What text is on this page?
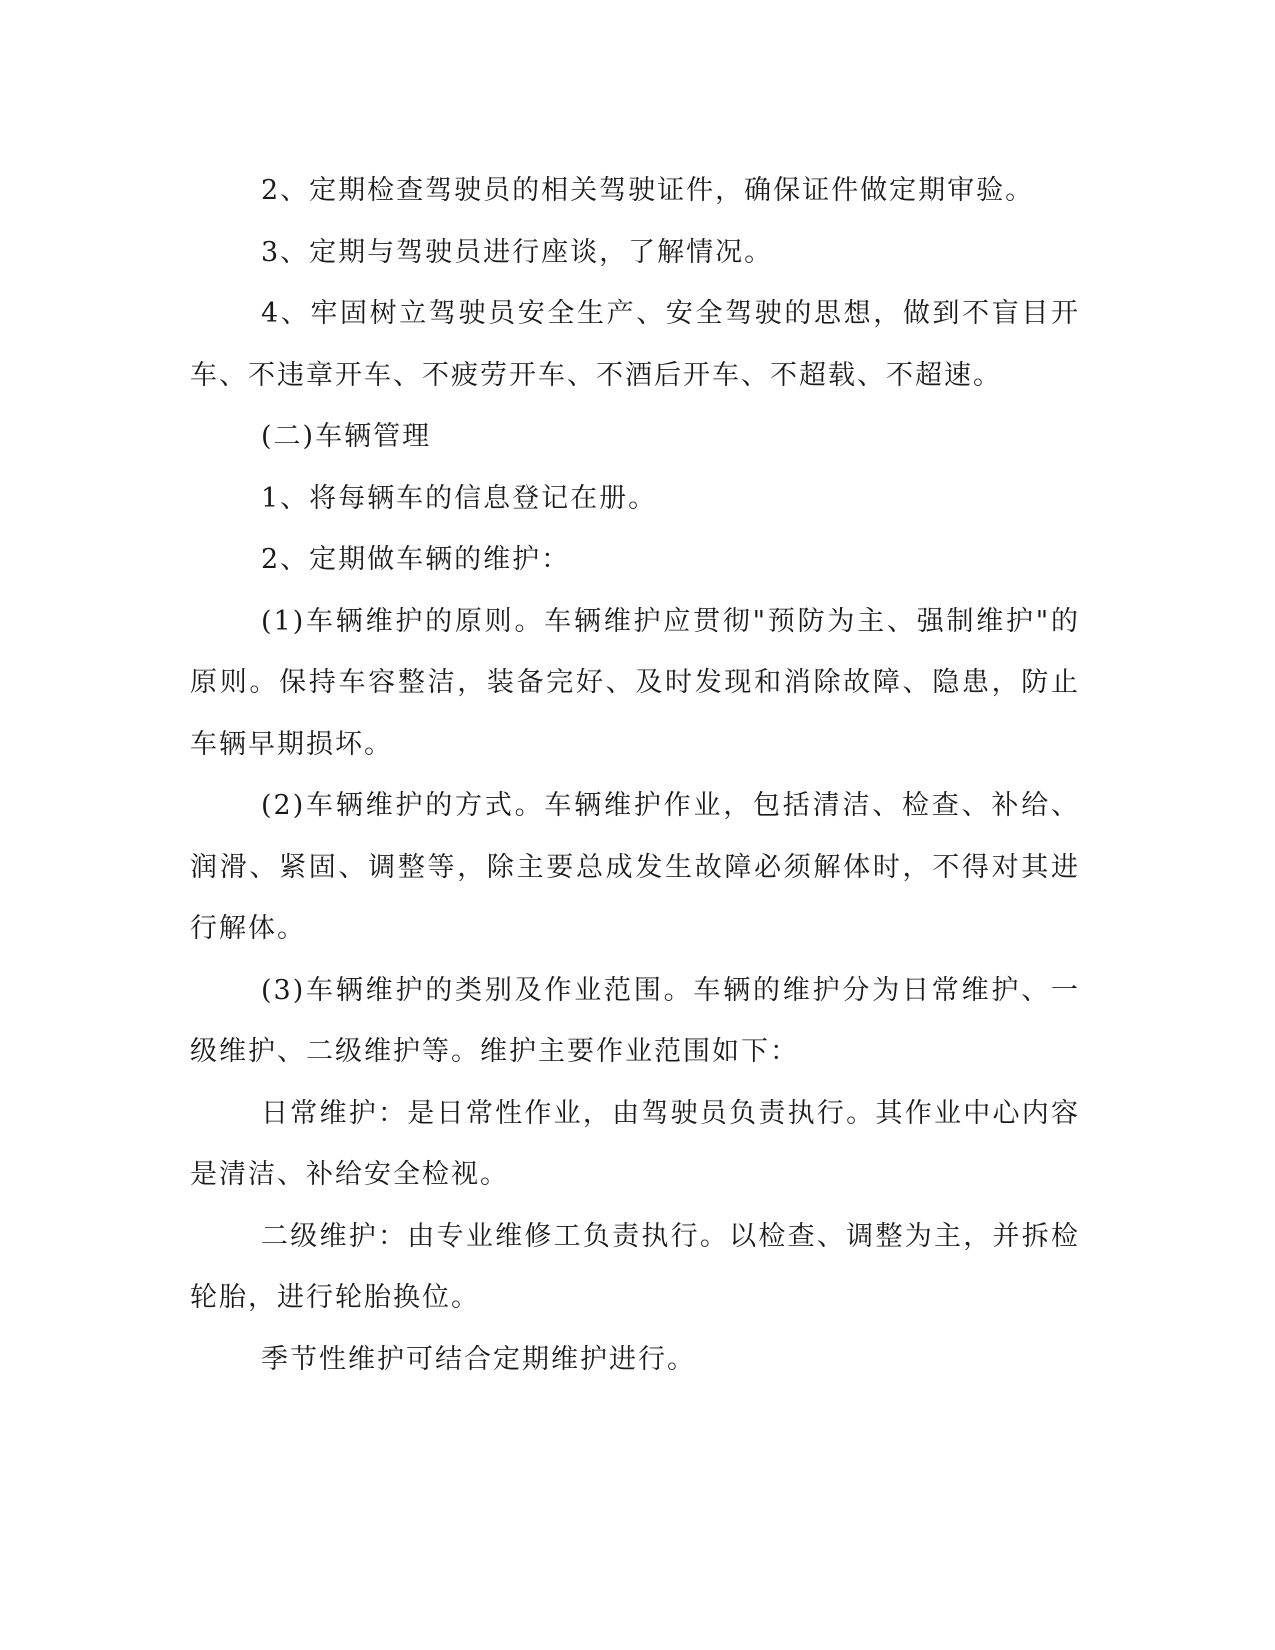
2、定期检查驾驶员的相关驾驶证件，确保证件做定期审验。

3、定期与驾驶员进行座谈，了解情况。

4、牢固树立驾驶员安全生产、安全驾驶的思想，做到不盲目开车、不违章开车、不疲劳开车、不酒后开车、不超载、不超速。

(二)车辆管理

1、将每辆车的信息登记在册。

2、定期做车辆的维护：

(1)车辆维护的原则。车辆维护应贯彻"预防为主、强制维护"的原则。保持车容整洁，装备完好、及时发现和消除故障、隐患，防止车辆早期损坏。

(2)车辆维护的方式。车辆维护作业，包括清洁、检查、补给、润滑、紧固、调整等，除主要总成发生故障必须解体时，不得对其进行解体。

(3)车辆维护的类别及作业范围。车辆的维护分为日常维护、一级维护、二级维护等。维护主要作业范围如下：

日常维护：是日常性作业，由驾驶员负责执行。其作业中心内容是清洁、补给安全检视。

二级维护：由专业维修工负责执行。以检查、调整为主，并拆检轮胎，进行轮胎换位。

季节性维护可结合定期维护进行。
